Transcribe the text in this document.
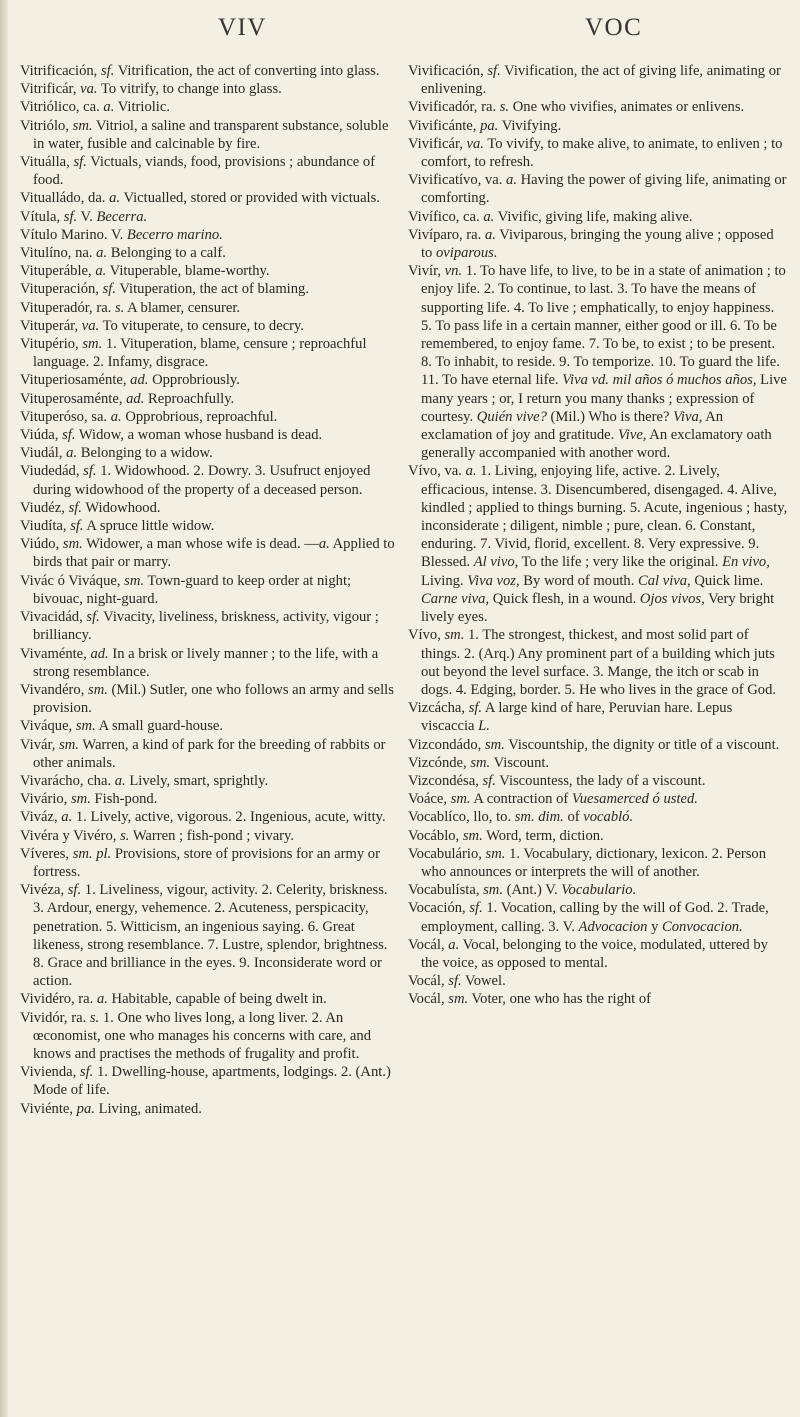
VIV	VOC
Vitrificación, sf. Vitrification, the act of converting into glass.
Vitrificár, va. To vitrify, to change into glass.
Vitriólico, ca. a. Vitriolic.
Vitriólo, sm. Vitriol, a saline and transparent substance, soluble in water, fusible and calcinable by fire.
Vituálla, sf. Victuals, viands, food, provisions ; abundance of food.
Vitualládo, da. a. Victualled, stored or provided with victuals.
Vítula, sf. V. Becerra.
Vítulo Marino. V. Becerro marino.
Vitulíno, na. a. Belonging to a calf.
Vituperáble, a. Vituperable, blame-worthy.
Vituperación, sf. Vituperation, the act of blaming.
Vituperadór, ra. s. A blamer, censurer.
Vituperár, va. To vituperate, to censure, to decry.
Vitupério, sm. 1. Vituperation, blame, censure ; reproachful language. 2. Infamy, disgrace.
Vituperiosaménte, ad. Opprobriously.
Vituperosaménte, ad. Reproachfully.
Vituperóso, sa. a. Opprobrious, reproachful.
Viúda, sf. Widow, a woman whose husband is dead.
Viudál, a. Belonging to a widow.
Viudedád, sf. 1. Widowhood. 2. Dowry. 3. Usufruct enjoyed during widowhood of the property of a deceased person.
Viudéz, sf. Widowhood.
Viudíta, sf. A spruce little widow.
Viúdo, sm. Widower, a man whose wife is dead. —a. Applied to birds that pair or marry.
Vivác ó Viváque, sm. Town-guard to keep order at night; bivouac, night-guard.
Vivacidád, sf. Vivacity, liveliness, briskness, activity, vigour ; brilliancy.
Vivaménte, ad. In a brisk or lively manner ; to the life, with a strong resemblance.
Vivandéro, sm. (Mil.) Sutler, one who follows an army and sells provision.
Viváque, sm. A small guard-house.
Vivár, sm. Warren, a kind of park for the breeding of rabbits or other animals.
Vivarácho, cha. a. Lively, smart, sprightly.
Vivário, sm. Fish-pond.
Viváz, a. 1. Lively, active, vigorous. 2. Ingenious, acute, witty.
Vivéra y Vivéro, s. Warren ; fish-pond ; vivary.
Víveres, sm. pl. Provisions, store of provisions for an army or fortress.
Vivéza, sf. 1. Liveliness, vigour, activity. 2. Celerity, briskness. 3. Ardour, energy, vehemence. 2. Acuteness, perspicacity, penetration. 5. Witticism, an ingenious saying. 6. Great likeness, strong resemblance. 7. Lustre, splendor, brightness. 8. Grace and brilliance in the eyes. 9. Inconsiderate word or action.
Vividéro, ra. a. Habitable, capable of being dwelt in.
Vividór, ra. s. 1. One who lives long, a long liver. 2. An œconomist, one who manages his concerns with care, and knows and practises the methods of frugality and profit.
Vivienda, sf. 1. Dwelling-house, apartments, lodgings. 2. (Ant.) Mode of life.
Viviénte, pa. Living, animated.
Vivificación, sf. Vivification, the act of giving life, animating or enlivening.
Vivificadór, ra. s. One who vivifies, animates or enlivens.
Vivificánte, pa. Vivifying.
Vivificár, va. To vivify, to make alive, to animate, to enliven ; to comfort, to refresh.
Vivificatívo, va. a. Having the power of giving life, animating or comforting.
Vivífico, ca. a. Vivific, giving life, making alive.
Vivíparo, ra. a. Viviparous, bringing the young alive ; opposed to oviparous.
Vivír, vn. 1. To have life, to live, to be in a state of animation ; to enjoy life. 2. To continue, to last. 3. To have the means of supporting life. 4. To live ; emphatically, to enjoy happiness. 5. To pass life in a certain manner, either good or ill. 6. To be remembered, to enjoy fame. 7. To be, to exist ; to be present. 8. To inhabit, to reside. 9. To temporize. 10. To guard the life. 11. To have eternal life. Viva vd. mil años ó muchos años, Live many years ; or, I return you many thanks ; expression of courtesy. Quién vive? (Mil.) Who is there? Viva, An exclamation of joy and gratitude. Vive, An exclamatory oath generally accompanied with another word.
Vívo, va. a. 1. Living, enjoying life, active. 2. Lively, efficacious, intense. 3. Disencumbered, disengaged. 4. Alive, kindled ; applied to things burning. 5. Acute, ingenious ; hasty, inconsiderate ; diligent, nimble ; pure, clean. 6. Constant, enduring. 7. Vivid, florid, excellent. 8. Very expressive. 9. Blessed. Al vivo, To the life ; very like the original. En vivo, Living. Viva voz, By word of mouth. Cal viva, Quick lime. Carne viva, Quick flesh, in a wound. Ojos vivos, Very bright lively eyes.
Vívo, sm. 1. The strongest, thickest, and most solid part of things. 2. (Arq.) Any prominent part of a building which juts out beyond the level surface. 3. Mange, the itch or scab in dogs. 4. Edging, border. 5. He who lives in the grace of God.
Vizcácha, sf. A large kind of hare, Peruvian hare. Lepus viscaccia L.
Vizcondádo, sm. Viscountship, the dignity or title of a viscount.
Vizcónde, sm. Viscount.
Vizcondésa, sf. Viscountess, the lady of a viscount.
Voáce, sm. A contraction of Vuesamerced ó usted.
Vocablíco, llo, to. sm. dim. of vocabló.
Vocáblo, sm. Word, term, diction.
Vocabulário, sm. 1. Vocabulary, dictionary, lexicon. 2. Person who announces or interprets the will of another.
Vocabulísta, sm. (Ant.) V. Vocabulario.
Vocación, sf. 1. Vocation, calling by the will of God. 2. Trade, employment, calling. 3. V. Advocacion y Convocacion.
Vocál, a. Vocal, belonging to the voice, modulated, uttered by the voice, as opposed to mental.
Vocál, sf. Vowel.
Vocál, sm. Voter, one who has the right of
